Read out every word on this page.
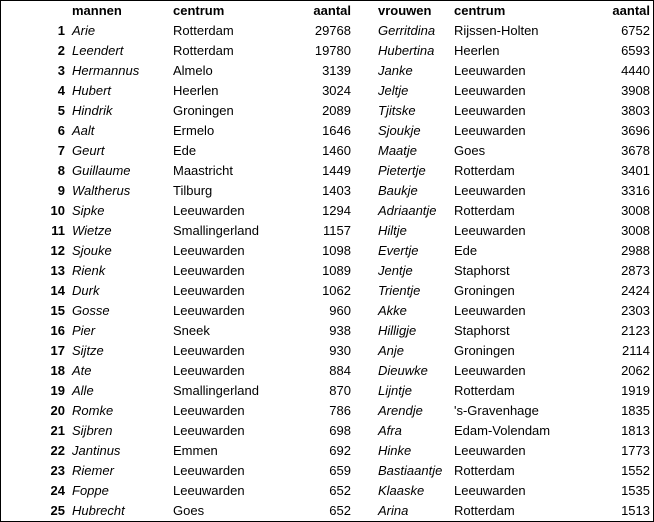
	mannen	centrum	aantal	vrouwen	centrum	aantal
1	Arie	Rotterdam	29768	Gerritdina	Rijssen-Holten	6752
2	Leendert	Rotterdam	19780	Hubertina	Heerlen	6593
3	Hermannus	Almelo	3139	Janke	Leeuwarden	4440
4	Hubert	Heerlen	3024	Jeltje	Leeuwarden	3908
5	Hindrik	Groningen	2089	Tjitske	Leeuwarden	3803
6	Aalt	Ermelo	1646	Sjoukje	Leeuwarden	3696
7	Geurt	Ede	1460	Maatje	Goes	3678
8	Guillaume	Maastricht	1449	Pietertje	Rotterdam	3401
9	Waltherus	Tilburg	1403	Baukje	Leeuwarden	3316
10	Sipke	Leeuwarden	1294	Adriaantje	Rotterdam	3008
11	Wietze	Smallingerland	1157	Hiltje	Leeuwarden	3008
12	Sjouke	Leeuwarden	1098	Evertje	Ede	2988
13	Rienk	Leeuwarden	1089	Jentje	Staphorst	2873
14	Durk	Leeuwarden	1062	Trientje	Groningen	2424
15	Gosse	Leeuwarden	960	Akke	Leeuwarden	2303
16	Pier	Sneek	938	Hilligje	Staphorst	2123
17	Sijtze	Leeuwarden	930	Anje	Groningen	2114
18	Ate	Leeuwarden	884	Dieuwke	Leeuwarden	2062
19	Alle	Smallingerland	870	Lijntje	Rotterdam	1919
20	Romke	Leeuwarden	786	Arendje	's-Gravenhage	1835
21	Sijbren	Leeuwarden	698	Afra	Edam-Volendam	1813
22	Jantinus	Emmen	692	Hinke	Leeuwarden	1773
23	Riemer	Leeuwarden	659	Bastiaantje	Rotterdam	1552
24	Foppe	Leeuwarden	652	Klaaske	Leeuwarden	1535
25	Hubrecht	Goes	652	Arina	Rotterdam	1513
